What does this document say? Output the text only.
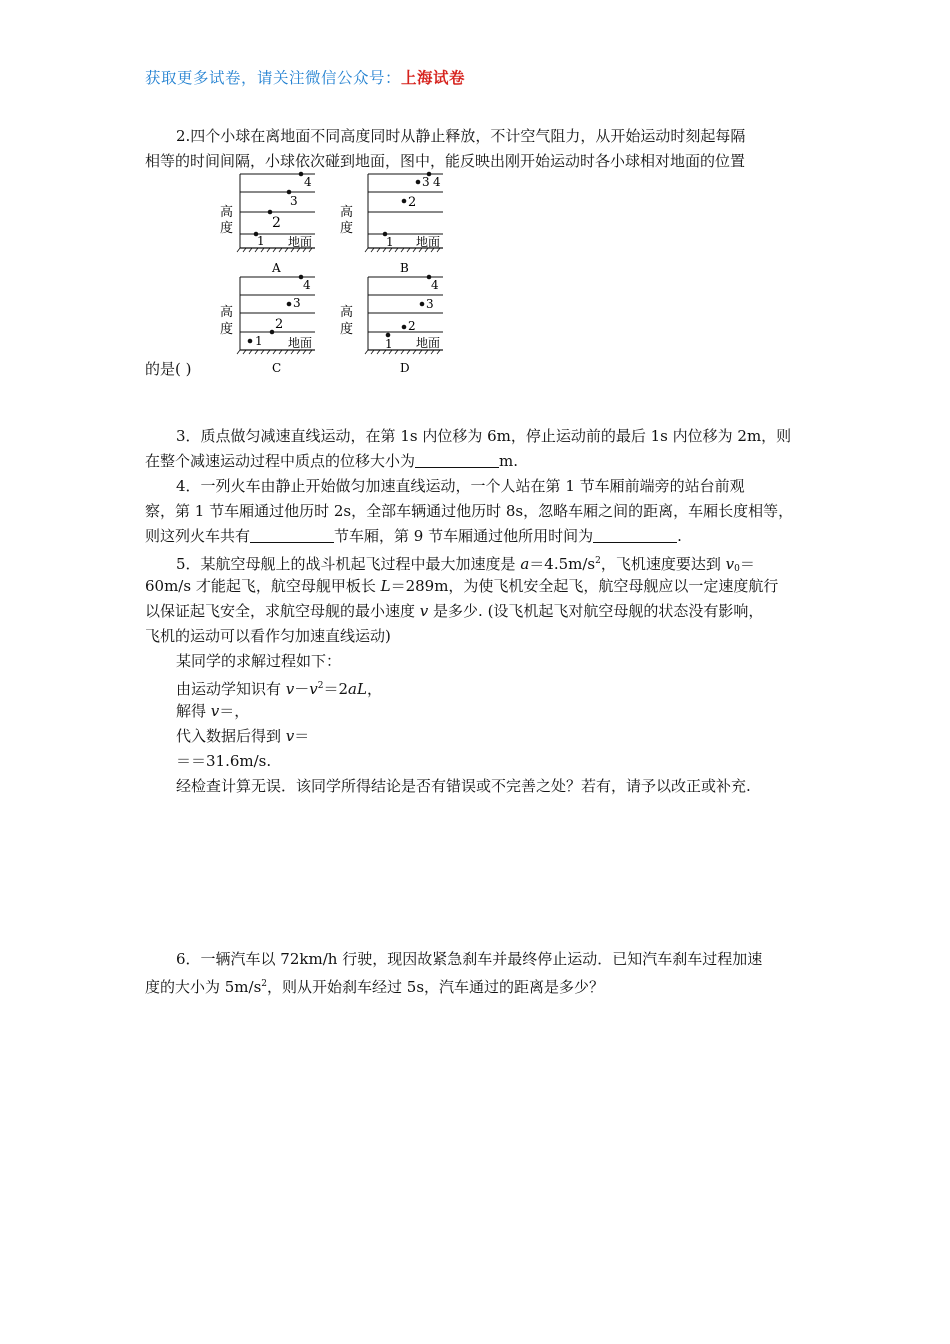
获取更多试卷，请关注微信公众号：上海试卷
2.四个小球在离地面不同高度同时从静止释放，不计空气阻力，从开始运动时刻起每隔
相等的时间间隔，小球依次碰到地面，图中，能反映出刚开始运动时各小球相对地面的位置
高
度
4
3
2
1 地面
A
高
度
4
3
2
1 地面
B
高
度
4
3
2
1 地面
C
高
度
4
3
2
1 地面
D
的是( )
3．质点做匀减速直线运动，在第 1s 内位移为 6m，停止运动前的最后 1s 内位移为 2m，则
在整个减速运动过程中质点的位移大小为	m.
4．一列火车由静止开始做匀加速直线运动，一个人站在第 1 节车厢前端旁的站台前观
察，第 1 节车厢通过他历时 2s，全部车辆通过他历时 8s，忽略车厢之间的距离，车厢长度相等，
则这列火车共有	节车厢，第 9 节车厢通过他所用时间为	.
5．某航空母舰上的战斗机起飞过程中最大加速度是 $a=4.5m/s^2$，飞机速度要达到 $v_0=$
60m/s 才能起飞，航空母舰甲板长 L＝289m，为使飞机安全起飞，航空母舰应以一定速度航行
以保证起飞安全，求航空母舰的最小速度 v 是多少. (设飞机起飞对航空母舰的状态没有影响，
飞机的运动可以看作匀加速直线运动)
某同学的求解过程如下：
由运动学知识有 $v-v^2=2aL$，
解得 v＝，
代入数据后得到 v＝
＝＝31.6m/s.
经检查计算无误．该同学所得结论是否有错误或不完善之处？若有，请予以改正或补充.
6．一辆汽车以 72km/h 行驶，现因故紧急刹车并最终停止运动．已知汽车刹车过程加速
度的大小为 $5m/s^2$，则从开始刹车经过 5s，汽车通过的距离是多少？
